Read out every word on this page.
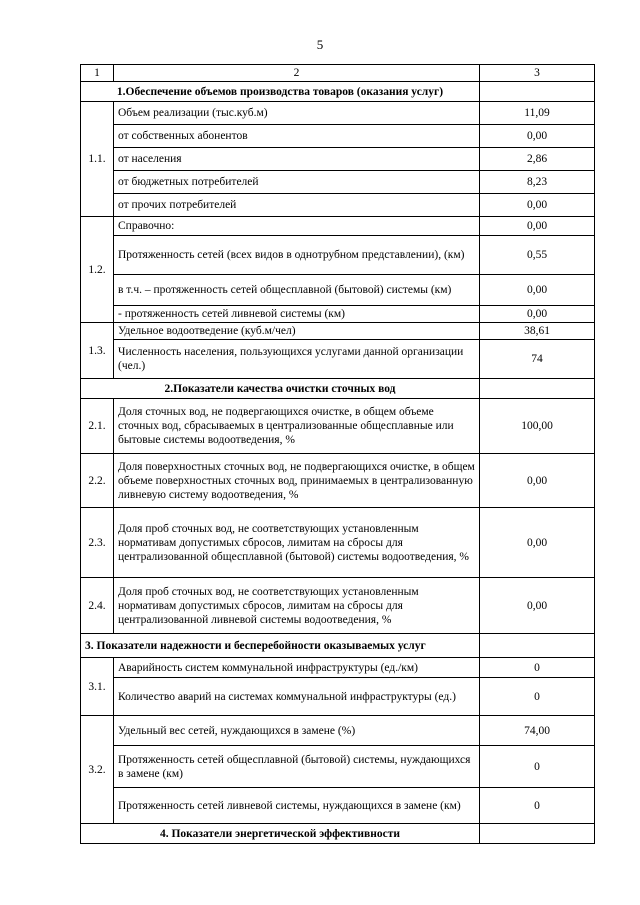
5
1	2	3
1.Обеспечение объемов производства товаров (оказания услуг)		
1.1.	Объем реализации (тыс.куб.м)	11,09
	от собственных абонентов	0,00
	от населения	2,86
	от бюджетных потребителей	8,23
	от прочих потребителей	0,00
1.2.	Справочно:	0,00
	Протяженность сетей (всех видов в однотрубном представлении), (км)	0,55
	в т.ч. – протяженность сетей общесплавной (бытовой) системы (км)	0,00
	- протяженность сетей ливневой системы (км)	0,00
1.3.	Удельное водоотведение (куб.м/чел)	38,61
	Численность населения, пользующихся услугами данной организации (чел.)	74
2.Показатели качества очистки сточных вод		
2.1.	Доля сточных вод, не подвергающихся очистке, в общем объеме сточных вод, сбрасываемых в централизованные общесплавные или бытовые системы водоотведения, %	100,00
2.2.	Доля поверхностных сточных вод, не подвергающихся очистке, в общем объеме поверхностных сточных вод, принимаемых в централизованную ливневую систему водоотведения, %	0,00
2.3.	Доля проб сточных вод, не соответствующих установленным нормативам допустимых сбросов, лимитам на сбросы для централизованной общесплавной (бытовой) системы водоотведения, %	0,00
2.4.	Доля проб сточных вод, не соответствующих установленным нормативам допустимых сбросов, лимитам на сбросы для централизованной ливневой системы водоотведения, %	0,00
3. Показатели надежности и бесперебойности оказываемых услуг		
3.1.	Аварийность систем коммунальной инфраструктуры (ед./км)	0
	Количество аварий на системах коммунальной инфраструктуры (ед.)	0
3.2.	Удельный вес сетей, нуждающихся в замене (%)	74,00
	Протяженность сетей общесплавной (бытовой) системы, нуждающихся в замене (км)	0
	Протяженность сетей ливневой системы, нуждающихся в замене (км)	0
4. Показатели энергетической эффективности		
